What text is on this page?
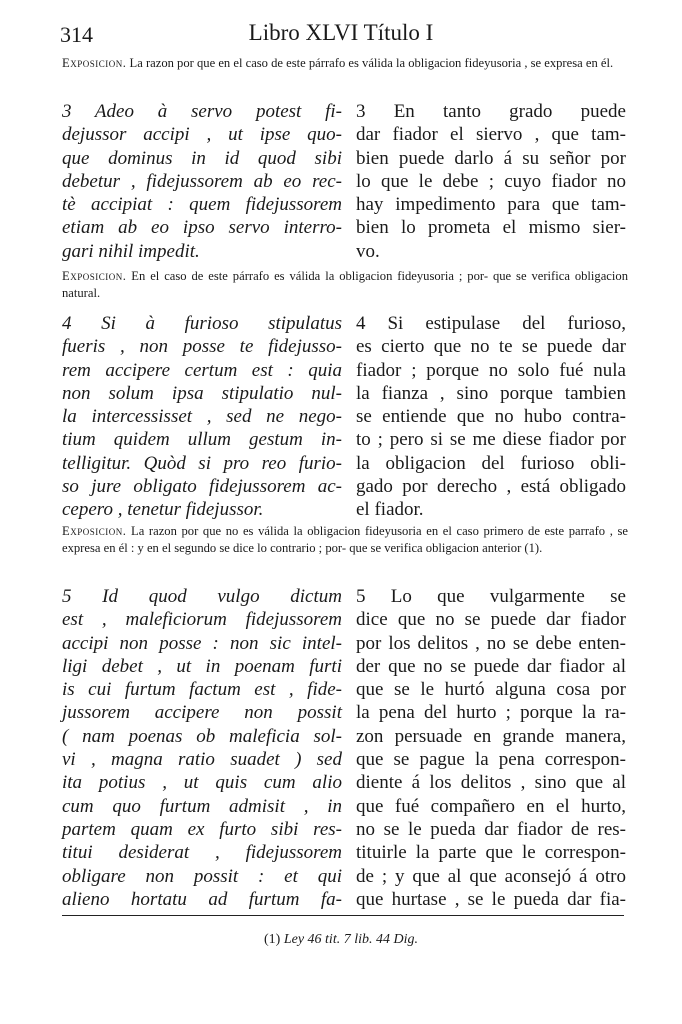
314	Libro XLVI Título I
Exposicion. La razon por que en el caso de este párrafo es válida la obligacion fideyusoria , se expresa en él.
3 Adeo à servo potest fi-
dejussor accipi , ut ipse quo-
que dominus in id quod sibi
debetur , fidejussorem ab eo rec-
tè accipiat : quem fidejussorem
etiam ab eo ipso servo interro-
gari nihil impedit.
3 En tanto grado puede
dar fiador el siervo , que tam-
bien puede darlo á su señor por
lo que le debe ; cuyo fiador no
hay impedimento para que tam-
bien lo prometa el mismo sier-
vo.
Exposicion. En el caso de este párrafo es válida la obligacion fideyusoria ; por- que se verifica obligacion natural.
4 Si à furioso stipulatus
fueris , non posse te fidejusso-
rem accipere certum est : quia
non solum ipsa stipulatio nul-
la intercessisset , sed ne nego-
tium quidem ullum gestum in-
telligitur. Quòd si pro reo furio-
so jure obligato fidejussorem ac-
cepero , tenetur fidejussor.
4 Si estipulase del furioso,
es cierto que no te se puede dar
fiador ; porque no solo fué nula
la fianza , sino porque tambien
se entiende que no hubo contra-
to ; pero si se me diese fiador por
la obligacion del furioso obli-
gado por derecho , está obligado
el fiador.
Exposicion. La razon por que no es válida la obligacion fideyusoria en el caso primero de este parrafo , se expresa en él : y en el segundo se dice lo contrario ; por- que se verifica obligacion anterior (1).
5 Id quod vulgo dictum
est , maleficiorum fidejussorem
accipi non posse : non sic intel-
ligi debet , ut in poenam furti
is cui furtum factum est , fide-
jussorem accipere non possit
( nam poenas ob maleficia sol-
vi , magna ratio suadet ) sed
ita potius , ut quis cum alio
cum quo furtum admisit , in
partem quam ex furto sibi res-
titui desiderat , fidejussorem
obligare non possit : et qui
alieno hortatu ad furtum fa-
5 Lo que vulgarmente se
dice que no se puede dar fiador
por los delitos , no se debe enten-
der que no se puede dar fiador al
que se le hurtó alguna cosa por
la pena del hurto ; porque la ra-
zon persuade en grande manera,
que se pague la pena correspon-
diente á los delitos , sino que al
que fué compañero en el hurto,
no se le pueda dar fiador de res-
tituirle la parte que le correspon-
de ; y que al que aconsejó á otro
que hurtase , se le pueda dar fia-
(1) Ley 46 tit. 7 lib. 44 Dig.
